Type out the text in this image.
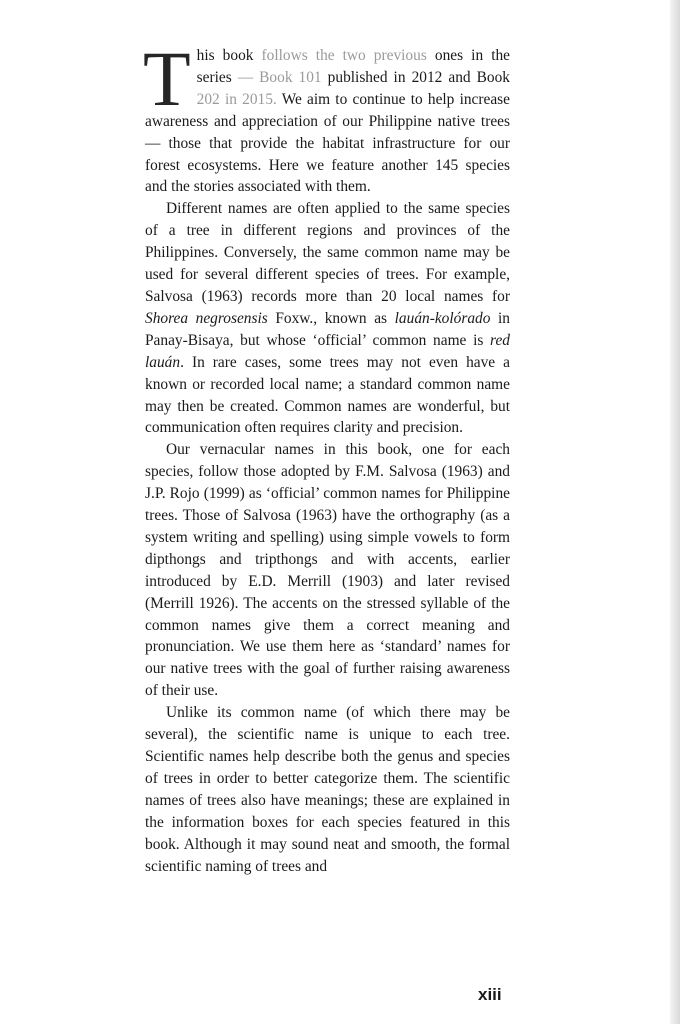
This book follows the two previous ones in the series — Book 101 published in 2012 and Book 202 in 2015. We aim to continue to help increase awareness and appreciation of our Philippine native trees — those that provide the habitat infrastructure for our forest ecosystems. Here we feature another 145 species and the stories associated with them.

Different names are often applied to the same species of a tree in different regions and provinces of the Philippines. Conversely, the same common name may be used for several different species of trees. For example, Salvosa (1963) records more than 20 local names for Shorea negrosensis Foxw., known as lauán-kolórado in Panay-Bisaya, but whose ‘official’ common name is red lauán. In rare cases, some trees may not even have a known or recorded local name; a standard common name may then be created. Common names are wonderful, but communication often requires clarity and precision.

Our vernacular names in this book, one for each species, follow those adopted by F.M. Salvosa (1963) and J.P. Rojo (1999) as ‘official’ common names for Philippine trees. Those of Salvosa (1963) have the orthography (as a system writing and spelling) using simple vowels to form dipthongs and tripthongs and with accents, earlier introduced by E.D. Merrill (1903) and later revised (Merrill 1926). The accents on the stressed syllable of the common names give them a correct meaning and pronunciation. We use them here as ‘standard’ names for our native trees with the goal of further raising awareness of their use.

Unlike its common name (of which there may be several), the scientific name is unique to each tree. Scientific names help describe both the genus and species of trees in order to better categorize them. The scientific names of trees also have meanings; these are explained in the information boxes for each species featured in this book. Although it may sound neat and smooth, the formal scientific naming of trees and

xiii
